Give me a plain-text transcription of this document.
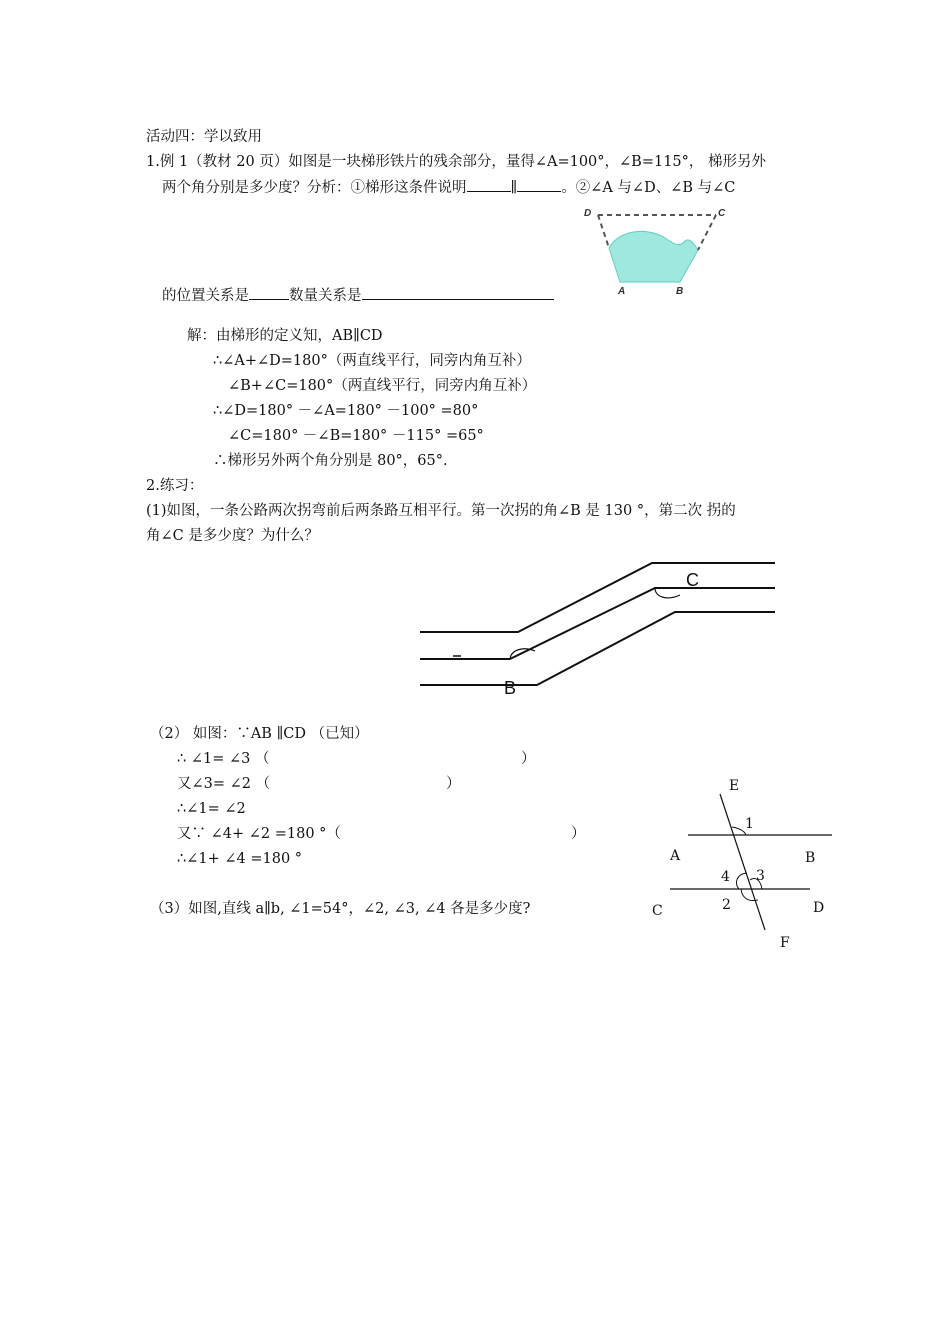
活动四：学以致用
1.例 1（教材 20 页）如图是一块梯形铁片的残余部分，量得∠A=100°，∠B=115°， 梯形另外
两个角分别是多少度？分析：①梯形这条件说明	∥	。②∠A 与∠D、∠B 与∠C
D	C
A	B
的位置关系是	数量关系是
解：由梯形的定义知，AB∥CD
∴∠A+∠D=180°（两直线平行，同旁内角互补）
∠B+∠C=180°（两直线平行，同旁内角互补）
∴∠D=180° －∠A=180° －100° =80°
∠C=180° －∠B=180° －115° =65°
∴梯形另外两个角分别是 80°，65°.
2.练习：
(1)如图，一条公路两次拐弯前后两条路互相平行。第一次拐的角∠B 是 130 °，第二次 拐的
角∠C 是多少度？为什么？
C
B
（2） 如图：∵AB ∥CD （已知）
∴ ∠1= ∠3 （	）
又∠3= ∠2 （	）
∴∠1= ∠2
又∵ ∠4+ ∠2 =180 °（	）
∴∠1+ ∠4 =180 °
（3）如图,直线 a∥b, ∠1=54°，∠2, ∠3, ∠4 各是多少度?
E
A	B
C	D
F
1
4 3
2
